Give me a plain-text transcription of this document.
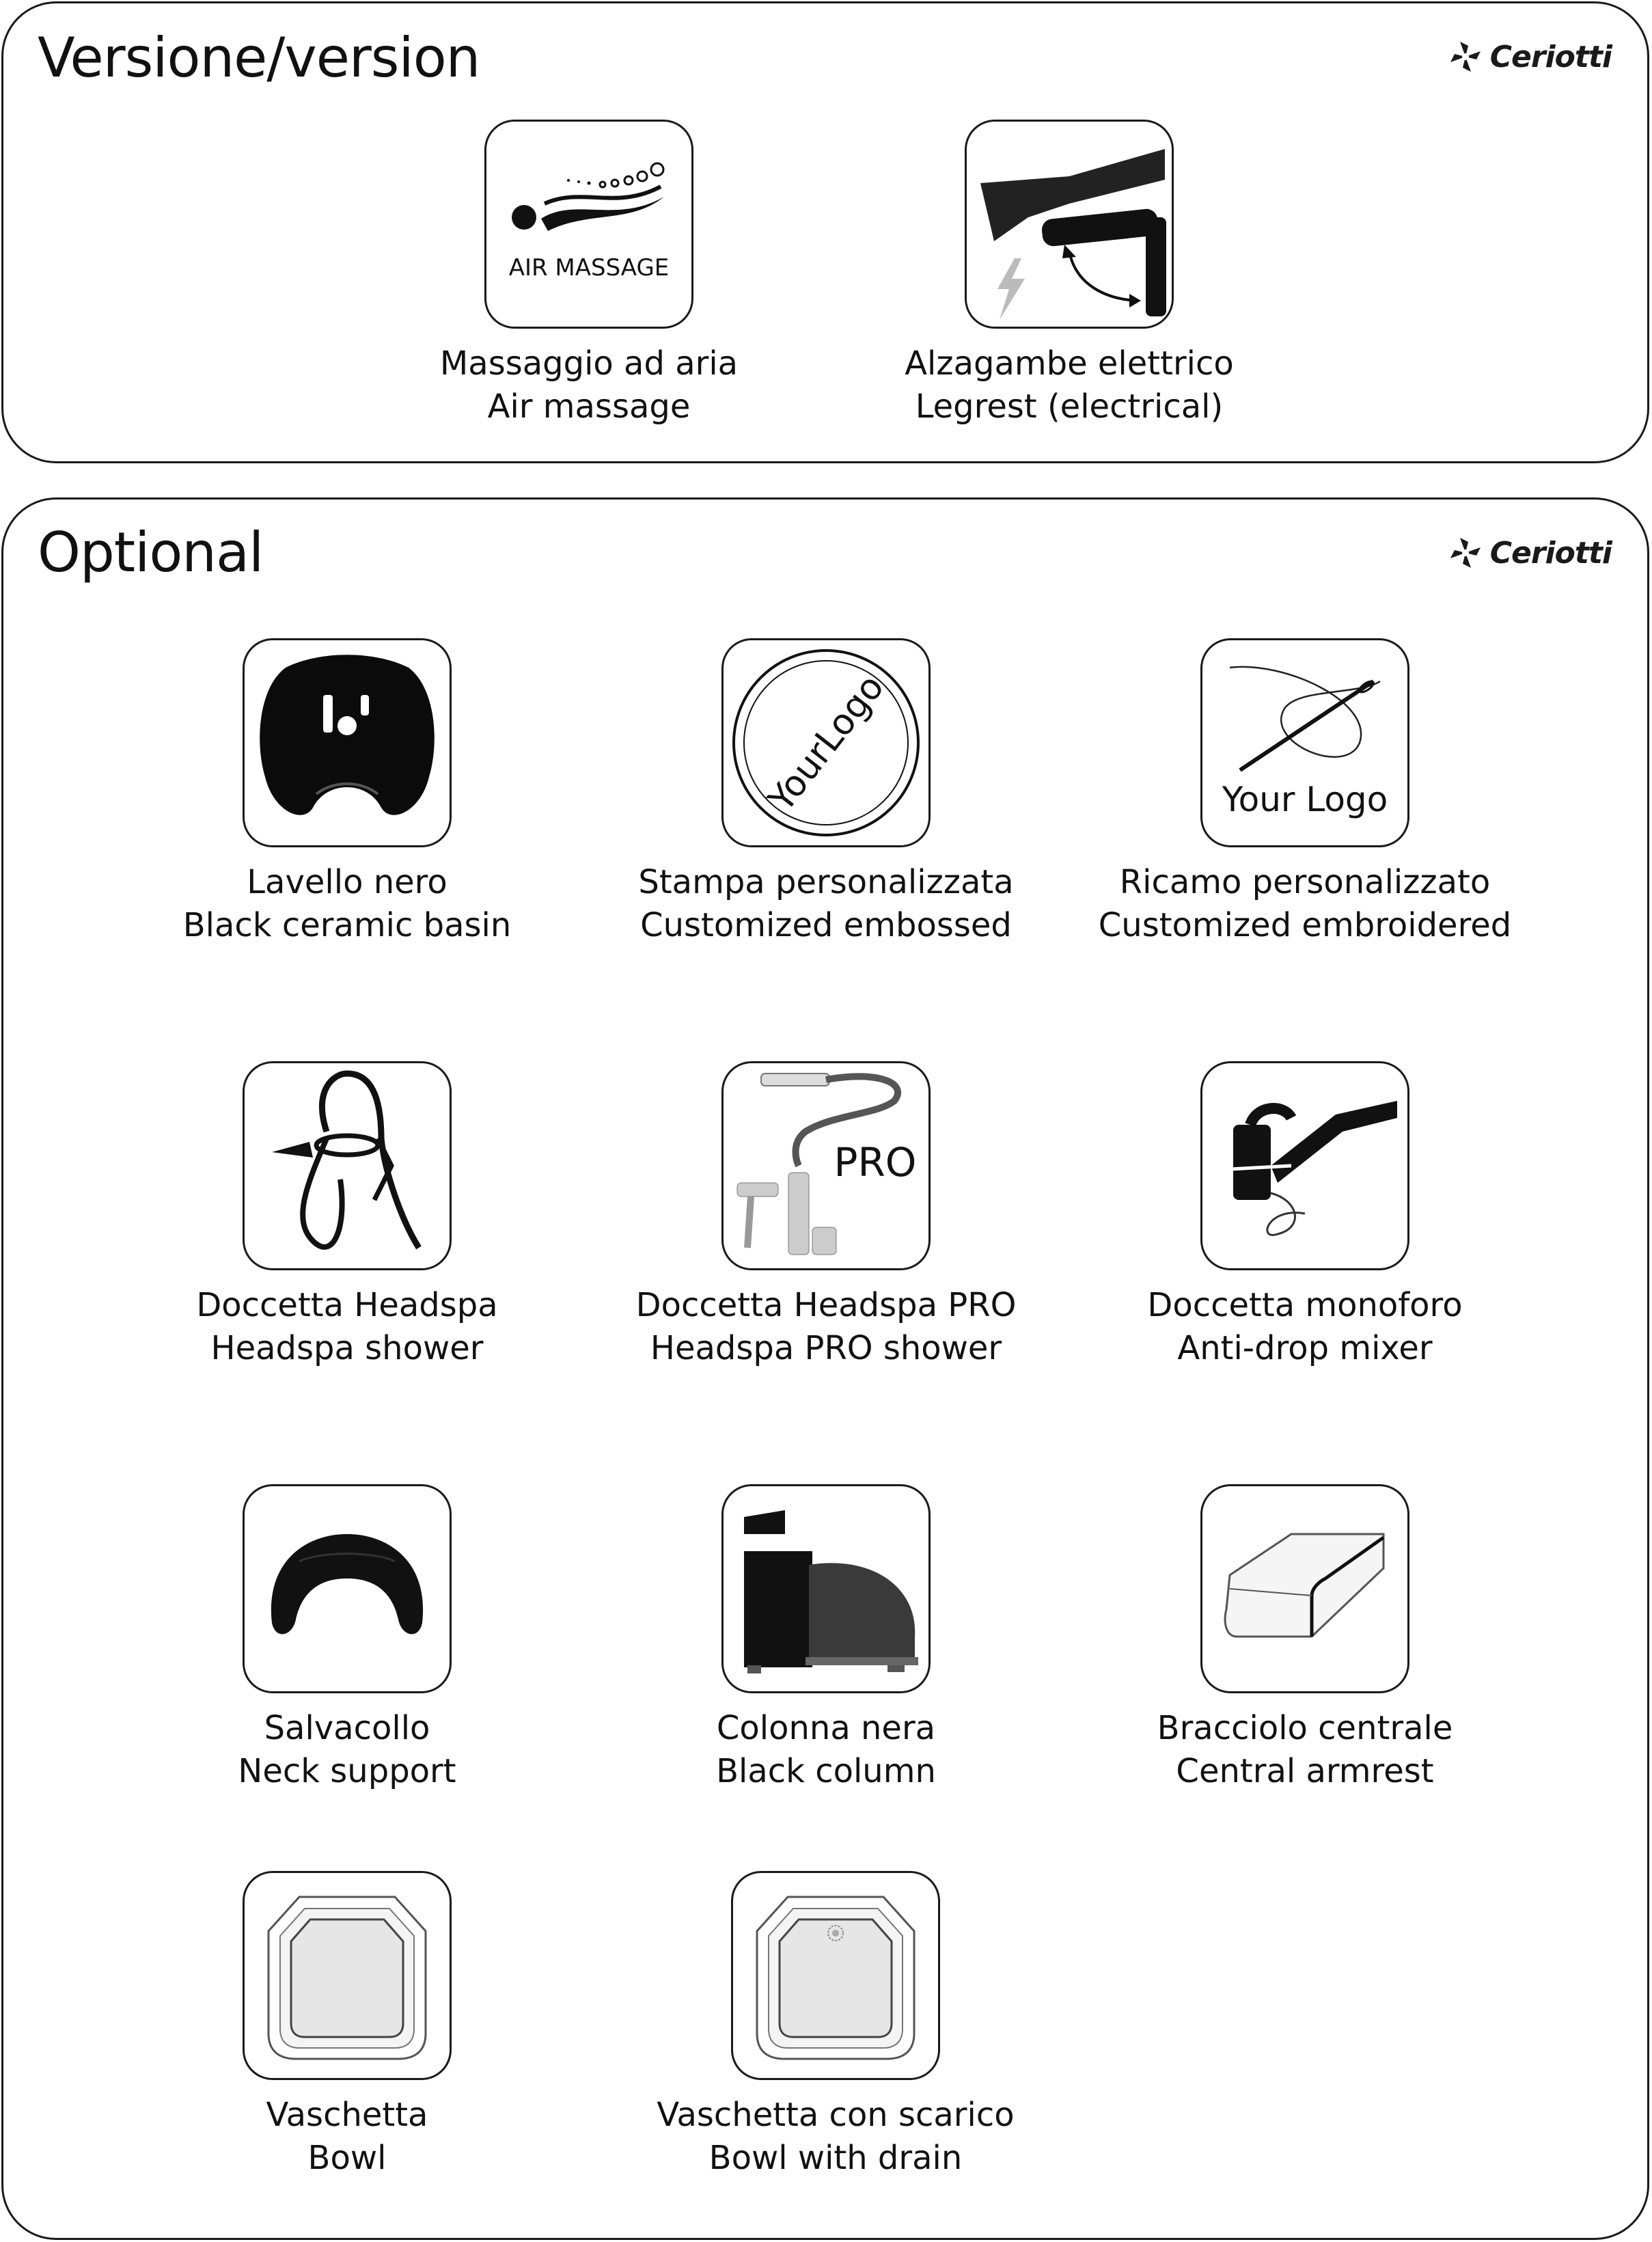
Versione/version	Ceriotti
AIR MASSAGE
Massaggio ad aria
Air massage
Alzagambe elettrico
Legrest (electrical)
Optional	Ceriotti
Lavello nero
Black ceramic basin
YourLogo
Stampa personalizzata
Customized embossed
Your Logo
Ricamo personalizzato
Customized embroidered
Doccetta Headspa
Headspa shower
PRO
Doccetta Headspa PRO
Headspa PRO shower
Doccetta monoforo
Anti-drop mixer
Salvacollo
Neck support
Colonna nera
Black column
Bracciolo centrale
Central armrest
Vaschetta
Bowl
Vaschetta con scarico
Bowl with drain
